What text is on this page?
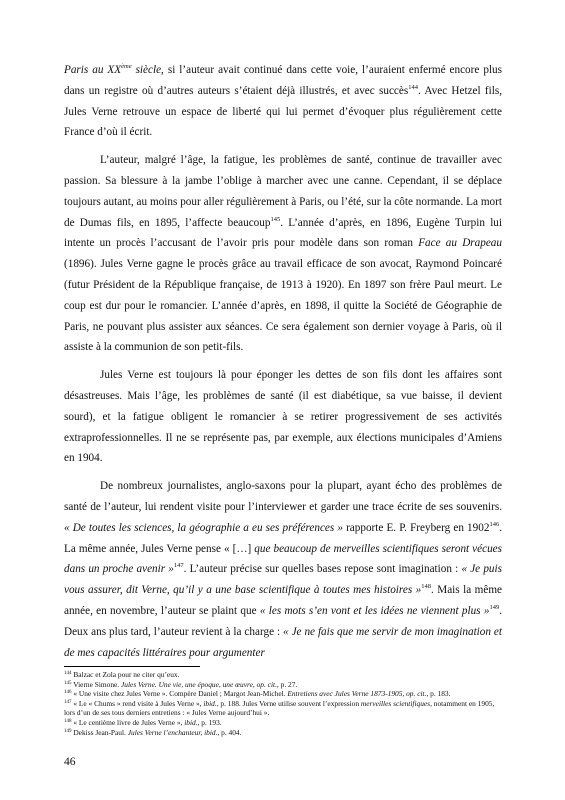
Paris au XXème siècle, si l’auteur avait continué dans cette voie, l’auraient enfermé encore plus dans un registre où d’autres auteurs s’étaient déjà illustrés, et avec succès$^{144}$. Avec Hetzel fils, Jules Verne retrouve un espace de liberté qui lui permet d’évoquer plus régulièrement cette France d’où il écrit.

L’auteur, malgré l’âge, la fatigue, les problèmes de santé, continue de travailler avec passion. Sa blessure à la jambe l’oblige à marcher avec une canne. Cependant, il se déplace toujours autant, au moins pour aller régulièrement à Paris, ou l’été, sur la côte normande. La mort de Dumas fils, en 1895, l’affecte beaucoup$^{145}$. L’année d’après, en 1896, Eugène Turpin lui intente un procès l’accusant de l’avoir pris pour modèle dans son roman Face au Drapeau (1896). Jules Verne gagne le procès grâce au travail efficace de son avocat, Raymond Poincaré (futur Président de la République française, de 1913 à 1920). En 1897 son frère Paul meurt. Le coup est dur pour le romancier. L’année d’après, en 1898, il quitte la Société de Géographie de Paris, ne pouvant plus assister aux séances. Ce sera également son dernier voyage à Paris, où il assiste à la communion de son petit-fils.

Jules Verne est toujours là pour éponger les dettes de son fils dont les affaires sont désastreuses. Mais l’âge, les problèmes de santé (il est diabétique, sa vue baisse, il devient sourd), et la fatigue obligent le romancier à se retirer progressivement de ses activités extraprofessionnelles. Il ne se représente pas, par exemple, aux élections municipales d’Amiens en 1904.

De nombreux journalistes, anglo-saxons pour la plupart, ayant écho des problèmes de santé de l’auteur, lui rendent visite pour l’interviewer et garder une trace écrite de ses souvenirs. « De toutes les sciences, la géographie a eu ses préférences » rapporte E. P. Freyberg en 1902$^{146}$. La même année, Jules Verne pense « […] que beaucoup de merveilles scientifiques seront vécues dans un proche avenir »$^{147}$. L’auteur précise sur quelles bases repose sont imagination : « Je puis vous assurer, dit Verne, qu’il y a une base scientifique à toutes mes histoires »$^{148}$. Mais la même année, en novembre, l’auteur se plaint que « les mots s’en vont et les idées ne viennent plus »$^{149}$. Deux ans plus tard, l’auteur revient à la charge : « Je ne fais que me servir de mon imagination et de mes capacités littéraires pour argumenter

$^{144}$ Balzac et Zola pour ne citer qu’eux.

$^{145}$ Vierne Simone. Jules Verne. Une vie, une époque, une œuvre, op. cit., p. 27.

$^{146}$ « Une visite chez Jules Verne ». Compère Daniel ; Margot Jean-Michel. Entretiens avec Jules Verne 1873-1905, op. cit., p. 183.

$^{147}$ « Le « Chums » rend visite à Jules Verne », ibid., p. 188. Jules Verne utilise souvent l’expression merveilles scientifiques, notamment en 1905, lors d’un de ses tous derniers entretiens : « Jules Verne aujourd’hui ».

$^{148}$ « Le centième livre de Jules Verne », ibid., p. 193.

$^{149}$ Dekiss Jean-Paul. Jules Verne l’enchanteur, ibid., p. 404.

46
